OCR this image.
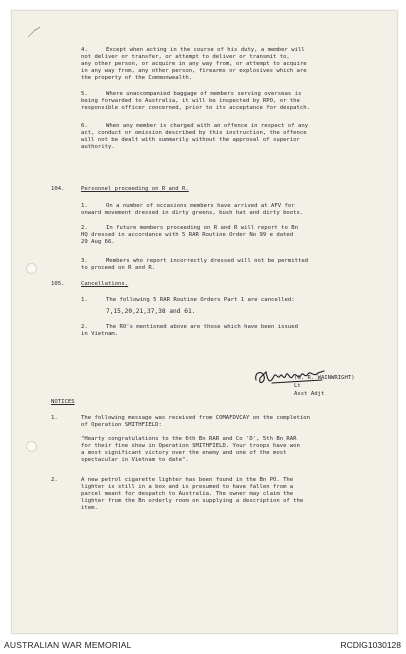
4.	Except when acting in the course of his duty, a member will
not deliver or transfer, or attempt to deliver or transmit to,
any other person, or acquire in any way from, or attempt to acquire
in any way from, any other person, firearms or explosives which are
the property of the Commonwealth.
5.	Where unaccompanied baggage of members serving overseas is
being forwarded to Australia, it will be inspected by RPO, or the
responsible officer concerned, prior to its acceptance for despatch.
6.	When any member is charged with an offence in respect of any
act, conduct or omission described by this instruction, the offence
will not be dealt with summarily without the approval of superior
authority.
104.	Personnel proceeding on R and R.
1.	On a number of occasions members have arrived at AFV for
onward movement dressed in dirty greens, bush hat and dirty boots.
2.	In future members proceeding on R and R will report to Bn
HQ dressed in accordance with 5 RAR Routine Order No 99 e dated
29 Aug 66.
3.	Members who report incorrectly dressed will not be permitted
to proceed on R and R.
105.	Cancellations.
1.	The following 5 RAR Routine Orders Part 1 are cancelled:
7,15,20,21,37,38 and 61.
2.	The RO's mentioned above are those which have been issued
in Vietnam.
(G. R. WAINWRIGHT)
Lt
Asst Adjt
NOTICES
1.	The following message was received from COMAFDVCAY on the completion
of Operation SMITHFIELD:
"Hearty congratulations to the 6th Bn RAR and Co 'D', 5th Bn RAR
for their fine show in Operation SMITHFIELD. Your troops have won
a most significant victory over the enemy and one of the most
spectacular in Vietnam to date".
2.	A new petrol cigarette lighter has been found in the Bn PO. The
lighter is still in a box and is presumed to have fallen from a
parcel meant for despatch to Australia. The owner may claim the
lighter from the Bn orderly room on supplying a description of the
item.
AUSTRALIAN WAR MEMORIAL	RCDIG1030128
